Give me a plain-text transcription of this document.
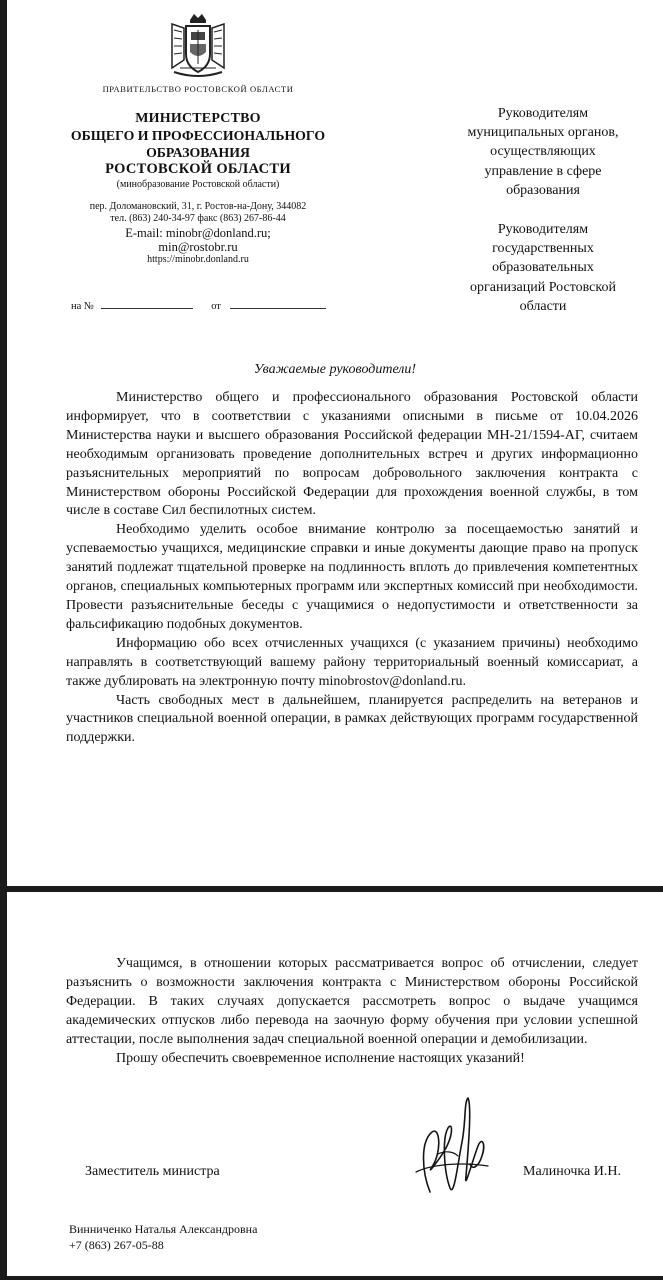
ПРАВИТЕЛЬСТВО РОСТОВСКОЙ ОБЛАСТИ
МИНИСТЕРСТВО
ОБЩЕГО И ПРОФЕССИОНАЛЬНОГО
ОБРАЗОВАНИЯ
РОСТОВСКОЙ ОБЛАСТИ
(минобразование Ростовской области)
пер. Доломановский, 31, г. Ростов-на-Дону, 344082
тел. (863) 240-34-97 факс (863) 267-86-44
E-mail: minobr@donland.ru;
min@rostobr.ru
https://minobr.donland.ru
на №	от
Руководителям
муниципальных органов,
осуществляющих
управление в сфере
образования
Руководителям
государственных
образовательных
организаций Ростовской
области
Уважаемые руководители!

Министерство общего и профессионального образования Ростовской области информирует, что в соответствии с указаниями описными в письме от 10.04.2026 Министерства науки и высшего образования Российской федерации МН-21/1594-АГ, считаем необходимым организовать проведение дополнительных встреч и других информационно разъяснительных мероприятий по вопросам добровольного заключения контракта с Министерством обороны Российской Федерации для прохождения военной службы, в том числе в составе Сил беспилотных систем.

Необходимо уделить особое внимание контролю за посещаемостью занятий и успеваемостью учащихся, медицинские справки и иные документы дающие право на пропуск занятий подлежат тщательной проверке на подлинность вплоть до привлечения компетентных органов, специальных компьютерных программ или экспертных комиссий при необходимости. Провести разъяснительные беседы с учащимися о недопустимости и ответственности за фальсификацию подобных документов.

Информацию обо всех отчисленных учащихся (с указанием причины) необходимо направлять в соответствующий вашему району территориальный военный комиссариат, а также дублировать на электронную почту minobrostov@donland.ru.

Часть свободных мест в дальнейшем, планируется распределить на ветеранов и участников специальной военной операции, в рамках действующих программ государственной поддержки.

Учащимся, в отношении которых рассматривается вопрос об отчислении, следует разъяснить о возможности заключения контракта с Министерством обороны Российской Федерации. В таких случаях допускается рассмотреть вопрос о выдаче учащимся академических отпусков либо перевода на заочную форму обучения при условии успешной аттестации, после выполнения задач специальной военной операции и демобилизации.

Прошу обеспечить своевременное исполнение настоящих указаний!

Заместитель министра	Малиночка И.Н.
Винниченко Наталья Александровна
+7 (863) 267-05-88
